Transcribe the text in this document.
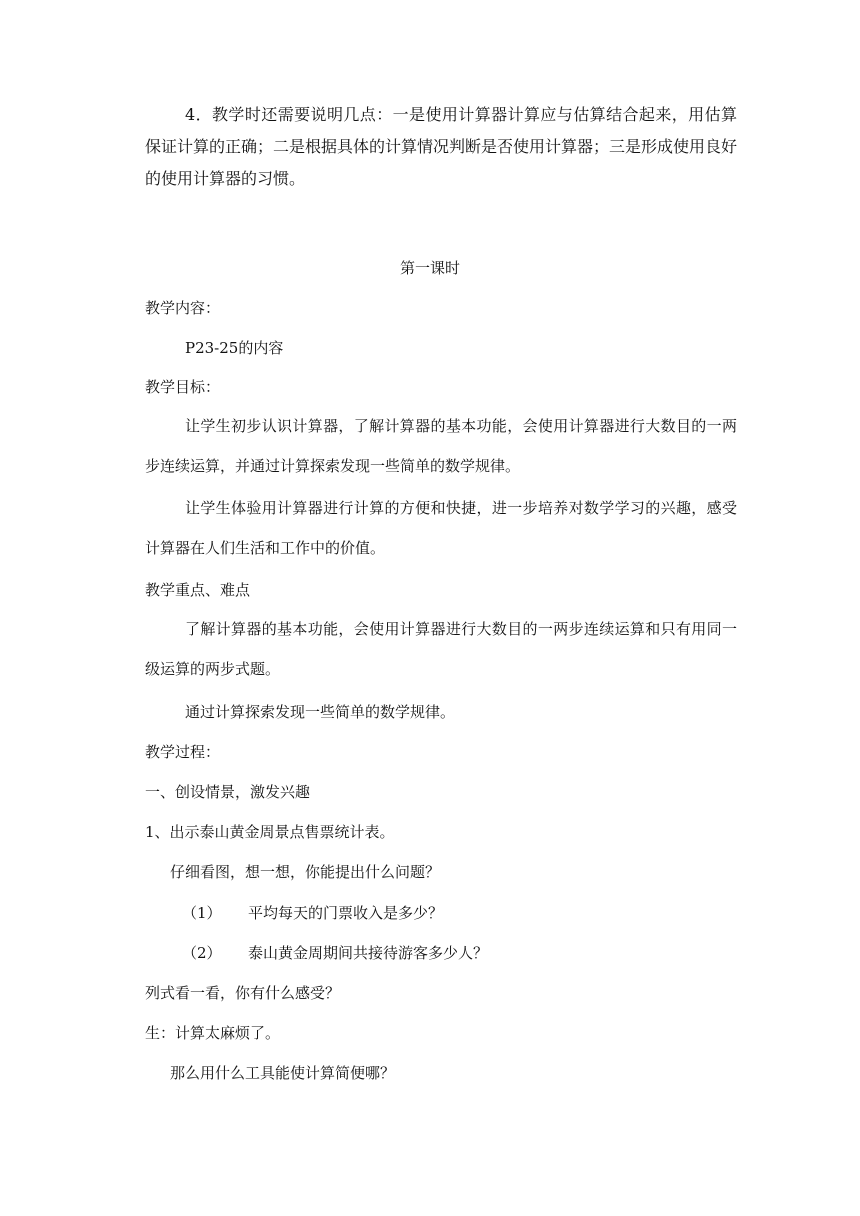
4．教学时还需要说明几点：一是使用计算器计算应与估算结合起来，用估算保证计算的正确；二是根据具体的计算情况判断是否使用计算器；三是形成使用良好的使用计算器的习惯。
第一课时
教学内容：
P23-25的内容
教学目标：
让学生初步认识计算器，了解计算器的基本功能，会使用计算器进行大数目的一两步连续运算，并通过计算探索发现一些简单的数学规律。
让学生体验用计算器进行计算的方便和快捷，进一步培养对数学学习的兴趣，感受计算器在人们生活和工作中的价值。
教学重点、难点
了解计算器的基本功能，会使用计算器进行大数目的一两步连续运算和只有用同一级运算的两步式题。
通过计算探索发现一些简单的数学规律。
教学过程：
一、创设情景，激发兴趣
1、出示泰山黄金周景点售票统计表。
仔细看图，想一想，你能提出什么问题？
（1） 平均每天的门票收入是多少？
（2） 泰山黄金周期间共接待游客多少人？
列式看一看，你有什么感受？
生：计算太麻烦了。
那么用什么工具能使计算简便哪？
